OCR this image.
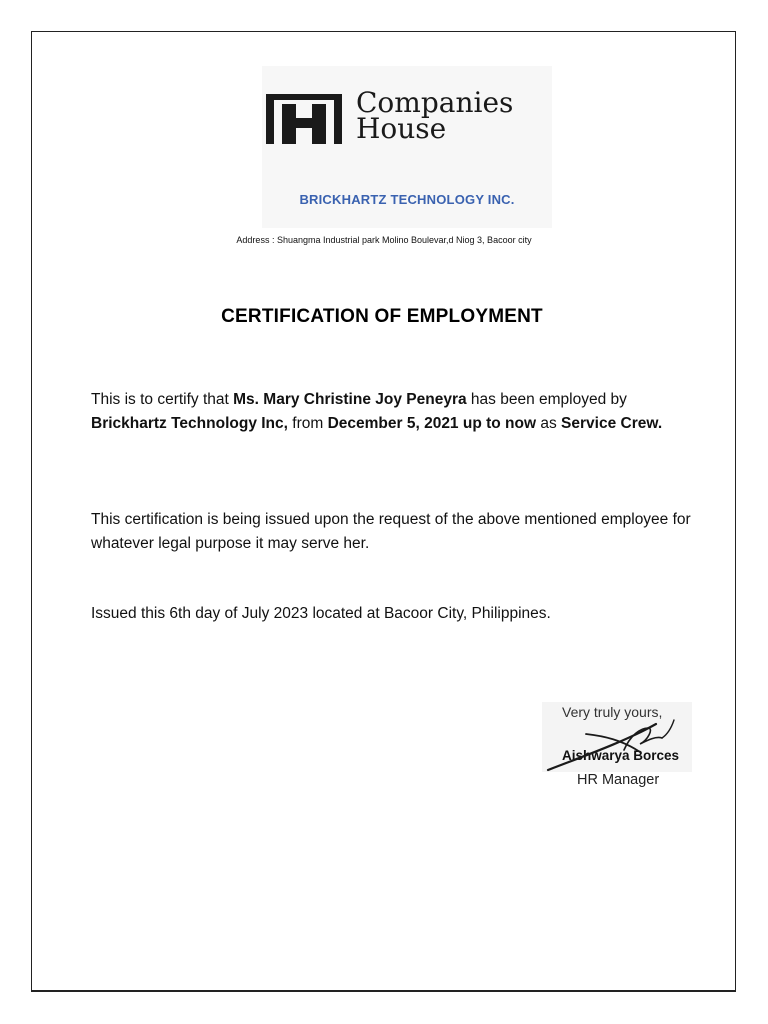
Companies
House
BRICKHARTZ TECHNOLOGY INC.
Address : Shuangma Industrial park Molino Boulevar,d Niog 3, Bacoor city
CERTIFICATION OF EMPLOYMENT
This is to certify that Ms. Mary Christine Joy Peneyra has been employed by Brickhartz Technology Inc, from December 5, 2021 up to now as Service Crew.
This certification is being issued upon the request of the above mentioned employee for whatever legal purpose it may serve her.
Issued this 6th day of July 2023 located at Bacoor City, Philippines.
Very truly yours,
Aishwarya Borces
HR Manager
